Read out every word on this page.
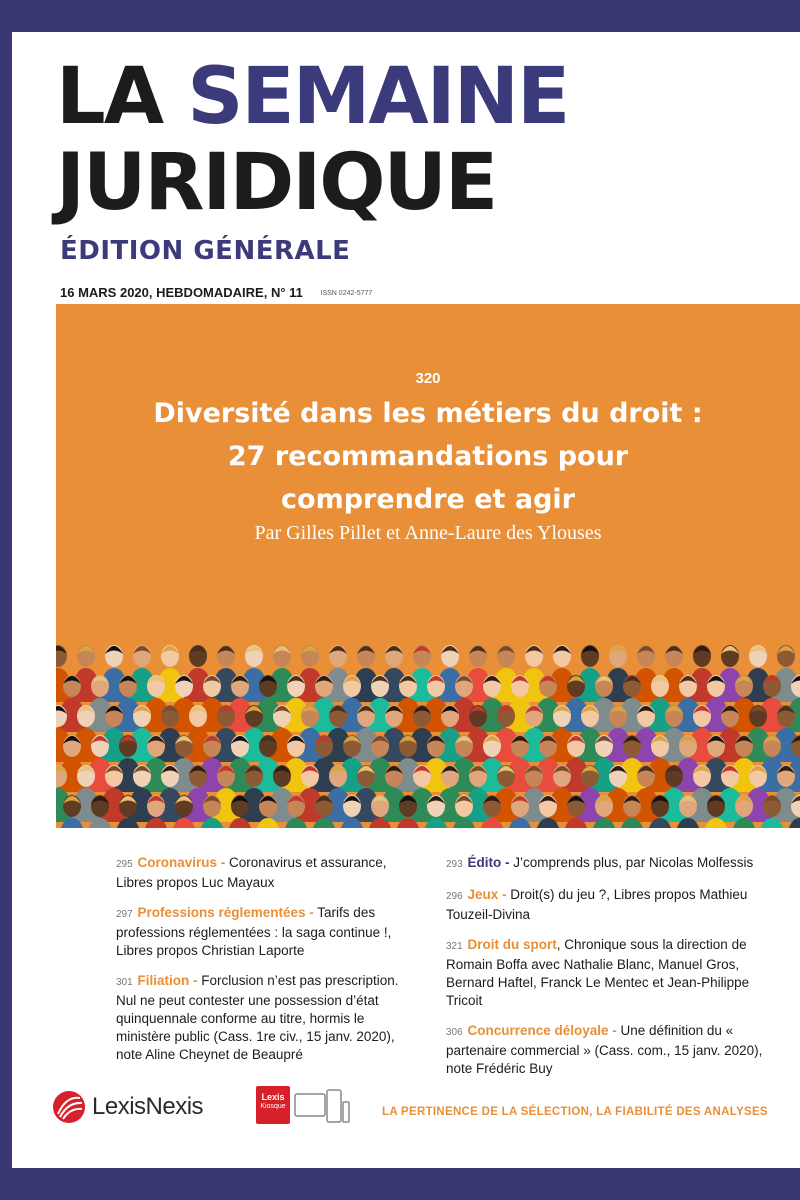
LA SEMAINE
JURIDIQUE
ÉDITION GÉNÉRALE
16 MARS 2020, HEBDOMADAIRE, N° 11	ISSN 0242-5777
320
Diversité dans les métiers du droit :
27 recommandations pour
comprendre et agir
Par Gilles Pillet et Anne-Laure des Ylouses
295 Coronavirus - Coronavirus et assurance, Libres propos Luc Mayaux
297 Professions réglementées - Tarifs des professions réglementées : la saga continue !, Libres propos Christian Laporte
301 Filiation - Forclusion n’est pas prescription. Nul ne peut contester une possession d’état quinquennale conforme au titre, hormis le ministère public (Cass. 1re civ., 15 janv. 2020), note Aline Cheynet de Beaupré
293 Édito - J’comprends plus, par Nicolas Molfessis
296 Jeux - Droit(s) du jeu ?, Libres propos Mathieu Touzeil-Divina
321 Droit du sport, Chronique sous la direction de Romain Boffa avec Nathalie Blanc, Manuel Gros, Bernard Haftel, Franck Le Mentec et Jean-Philippe Tricoit
306 Concurrence déloyale - Une définition du « partenaire commercial » (Cass. com., 15 janv. 2020), note Frédéric Buy
LexisNexis	Lexis
Kiosque	LA PERTINENCE DE LA SÉLECTION, LA FIABILITÉ DES ANALYSES
